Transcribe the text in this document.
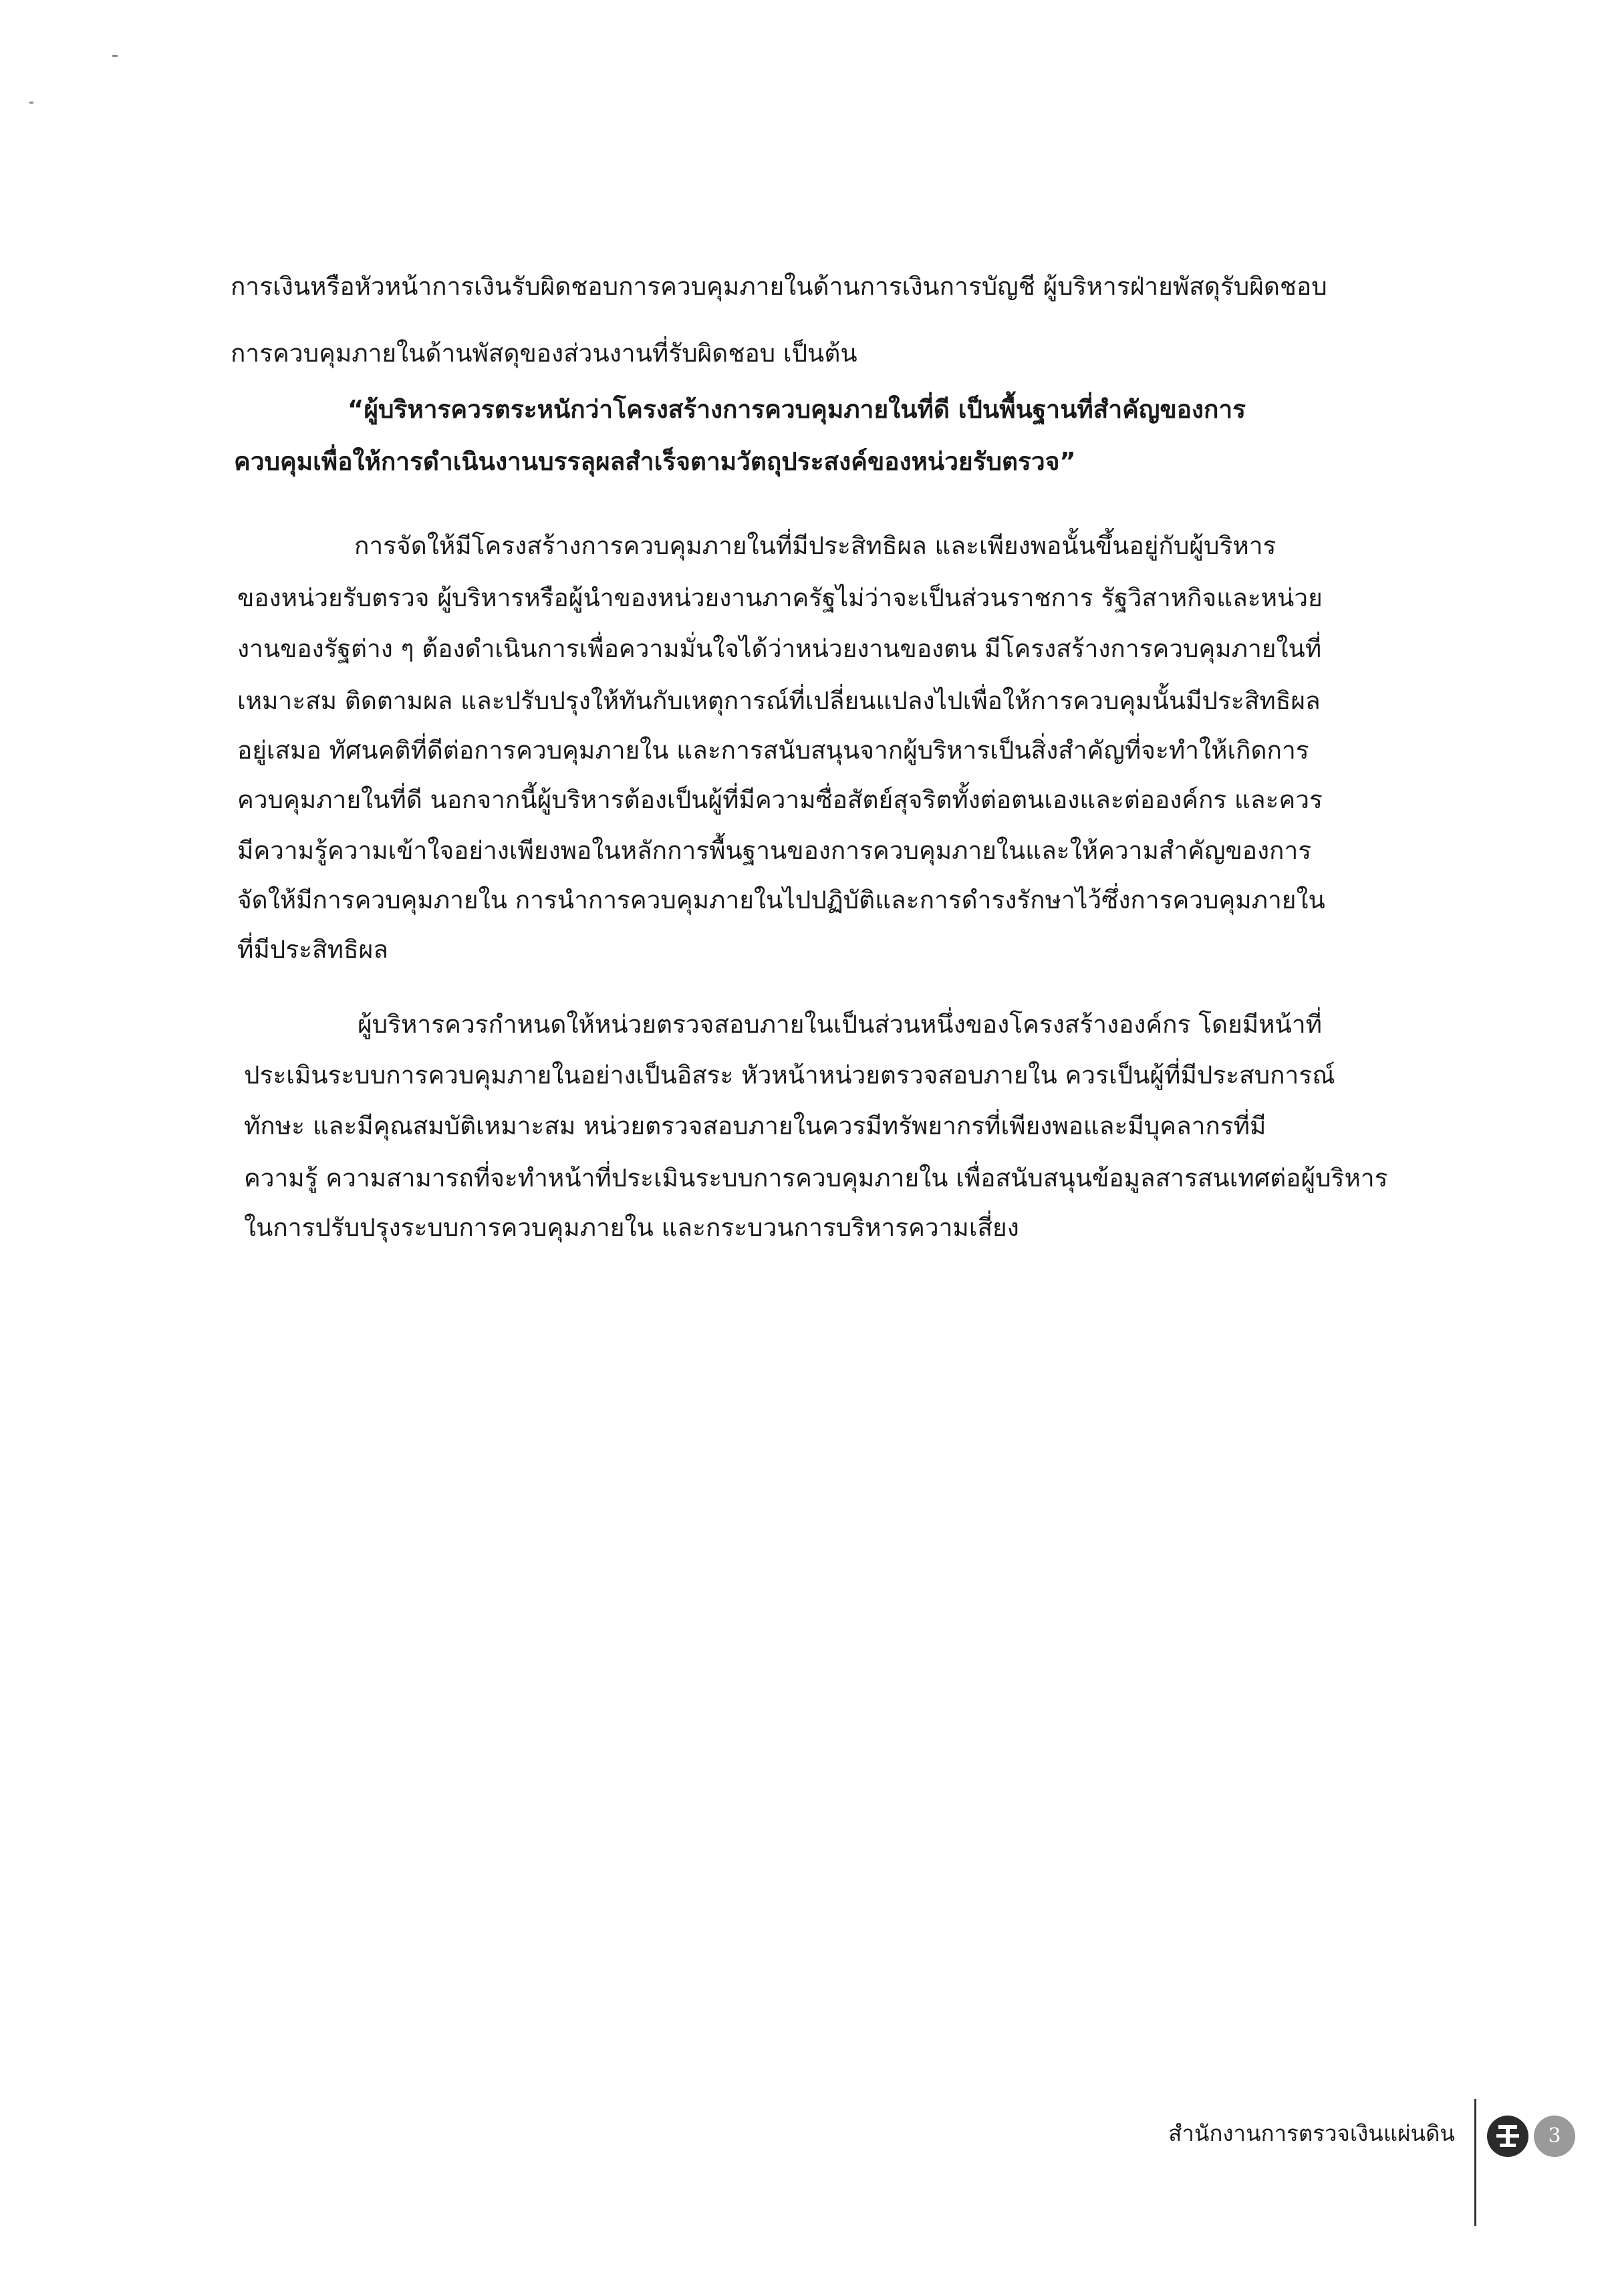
การเงินหรือหัวหน้าการเงินรับผิดชอบการควบคุมภายในด้านการเงินการบัญชี ผู้บริหารฝ่ายพัสดุรับผิดชอบ
การควบคุมภายในด้านพัสดุของส่วนงานที่รับผิดชอบ เป็นต้น
“ผู้บริหารควรตระหนักว่าโครงสร้างการควบคุมภายในที่ดี เป็นพื้นฐานที่สำคัญของการ
ควบคุมเพื่อให้การดำเนินงานบรรลุผลสำเร็จตามวัตถุประสงค์ของหน่วยรับตรวจ”
การจัดให้มีโครงสร้างการควบคุมภายในที่มีประสิทธิผล และเพียงพอนั้นขึ้นอยู่กับผู้บริหาร
ของหน่วยรับตรวจ ผู้บริหารหรือผู้นำของหน่วยงานภาครัฐไม่ว่าจะเป็นส่วนราชการ รัฐวิสาหกิจและหน่วย
งานของรัฐต่าง ๆ ต้องดำเนินการเพื่อความมั่นใจได้ว่าหน่วยงานของตน มีโครงสร้างการควบคุมภายในที่
เหมาะสม ติดตามผล และปรับปรุงให้ทันกับเหตุการณ์ที่เปลี่ยนแปลงไปเพื่อให้การควบคุมนั้นมีประสิทธิผล
อยู่เสมอ ทัศนคติที่ดีต่อการควบคุมภายใน และการสนับสนุนจากผู้บริหารเป็นสิ่งสำคัญที่จะทำให้เกิดการ
ควบคุมภายในที่ดี นอกจากนี้ผู้บริหารต้องเป็นผู้ที่มีความซื่อสัตย์สุจริตทั้งต่อตนเองและต่อองค์กร และควร
มีความรู้ความเข้าใจอย่างเพียงพอในหลักการพื้นฐานของการควบคุมภายในและให้ความสำคัญของการ
จัดให้มีการควบคุมภายใน การนำการควบคุมภายในไปปฏิบัติและการดำรงรักษาไว้ซึ่งการควบคุมภายใน
ที่มีประสิทธิผล
ผู้บริหารควรกำหนดให้หน่วยตรวจสอบภายในเป็นส่วนหนึ่งของโครงสร้างองค์กร โดยมีหน้าที่
ประเมินระบบการควบคุมภายในอย่างเป็นอิสระ หัวหน้าหน่วยตรวจสอบภายใน ควรเป็นผู้ที่มีประสบการณ์
ทักษะ และมีคุณสมบัติเหมาะสม หน่วยตรวจสอบภายในควรมีทรัพยากรที่เพียงพอและมีบุคลากรที่มี
ความรู้ ความสามารถที่จะทำหน้าที่ประเมินระบบการควบคุมภายใน เพื่อสนับสนุนข้อมูลสารสนเทศต่อผู้บริหาร
ในการปรับปรุงระบบการควบคุมภายใน และกระบวนการบริหารความเสี่ยง
สำนักงานการตรวจเงินแผ่นดิน	3
